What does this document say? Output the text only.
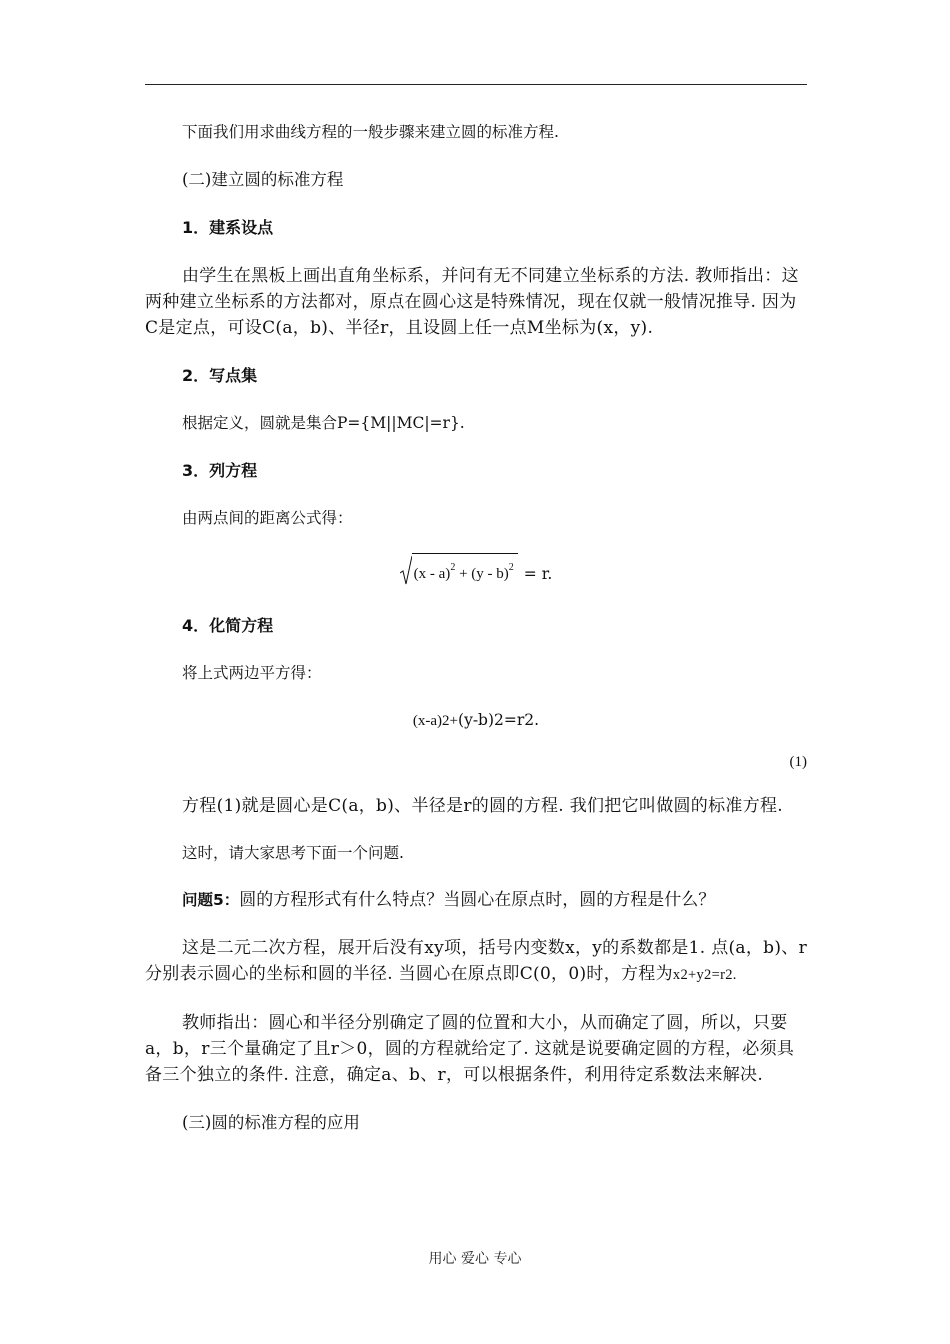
下面我们用求曲线方程的一般步骤来建立圆的标准方程.

(二)建立圆的标准方程

1．建系设点

由学生在黑板上画出直角坐标系，并问有无不同建立坐标系的方法. 教师指出：这两种建立坐标系的方法都对，原点在圆心这是特殊情况，现在仅就一般情况推导. 因为C是定点，可设C(a，b)、半径r，且设圆上任一点M坐标为(x，y).

2．写点集

根据定义，圆就是集合P={M||MC|=r}.

3．列方程

由两点间的距离公式得：

(x - a)$^2$ + (y - b)$^2$ = r.

4．化简方程

将上式两边平方得：

(x-a)2+(y-b)2=r2.

(1)

方程(1)就是圆心是C(a，b)、半径是r的圆的方程. 我们把它叫做圆的标准方程.

这时，请大家思考下面一个问题.

问题5：圆的方程形式有什么特点？当圆心在原点时，圆的方程是什么？

这是二元二次方程，展开后没有xy项，括号内变数x，y的系数都是1. 点(a，b)、r分别表示圆心的坐标和圆的半径. 当圆心在原点即C(0，0)时，方程为x2+y2=r2.

教师指出：圆心和半径分别确定了圆的位置和大小，从而确定了圆，所以，只要a，b，r三个量确定了且r＞0，圆的方程就给定了. 这就是说要确定圆的方程，必须具备三个独立的条件. 注意，确定a、b、r，可以根据条件，利用待定系数法来解决.

(三)圆的标准方程的应用

用心 爱心 专心
